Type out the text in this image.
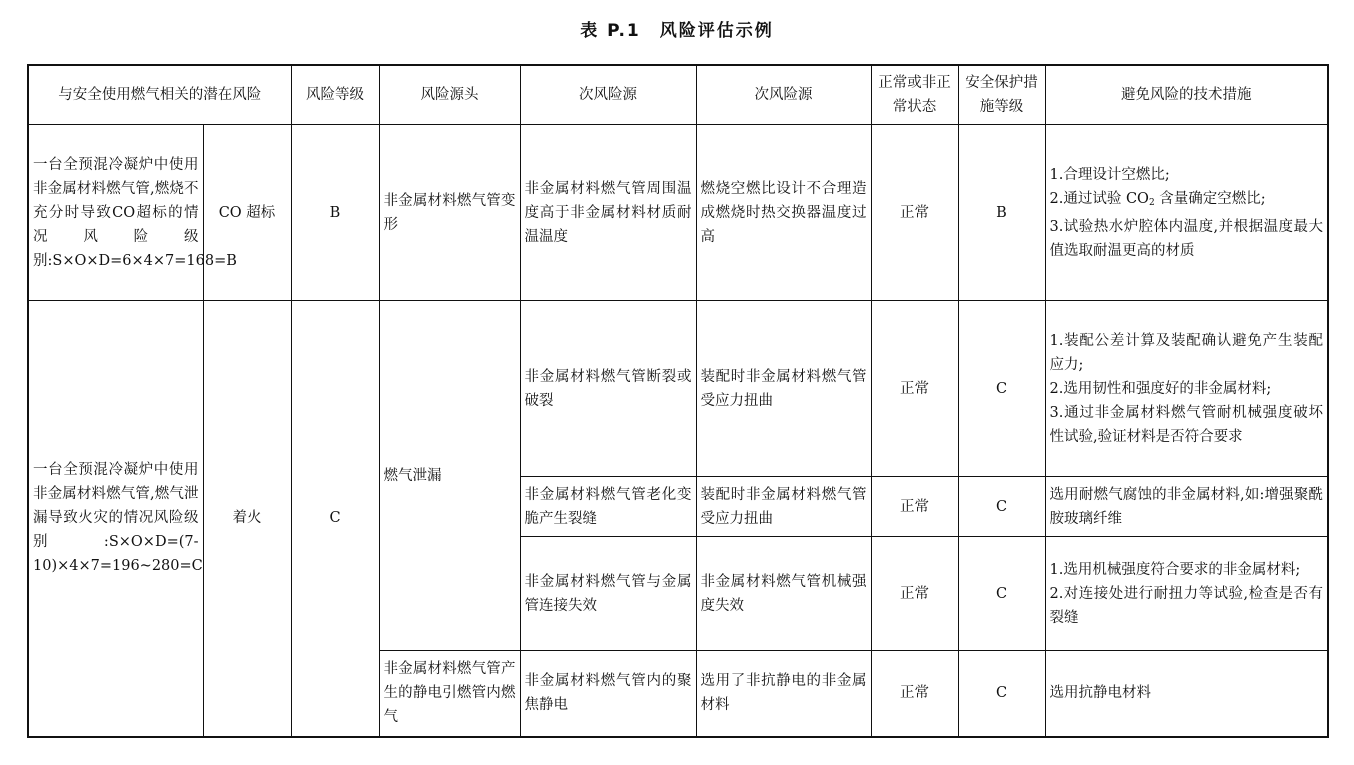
表 P.1　风险评估示例
与安全使用燃气相关的潜在风险		风险等级	风险源头	次风险源	次风险源	正常或非正常状态	安全保护措施等级	避免风险的技术措施
一台全预混冷凝炉中使用非金属材料燃气管,燃烧不充分时导致CO超标的情况风险级别:S×O×D=6×4×7=168=B	CO 超标	B	非金属材料燃气管变形	非金属材料燃气管周围温度高于非金属材料材质耐温温度	燃烧空燃比设计不合理造成燃烧时热交换器温度过高	正常	B	1.合理设计空燃比;
2.通过试验 $CO_2$ 含量确定空燃比;
3.试验热水炉腔体内温度,并根据温度最大值选取耐温更高的材质

一台全预混冷凝炉中使用非金属材料燃气管,燃气泄漏导致火灾的情况风险级别:S×O×D=(7-10)×4×7=196~280=C	着火	C	燃气泄漏	非金属材料燃气管断裂或破裂	装配时非金属材料燃气管受应力扭曲	正常	C	1.装配公差计算及装配确认避免产生装配应力;
2.选用韧性和强度好的非金属材料;
3.通过非金属材料燃气管耐机械强度破坏性试验,验证材料是否符合要求

				非金属材料燃气管老化变脆产生裂缝	装配时非金属材料燃气管受应力扭曲	正常	C	选用耐燃气腐蚀的非金属材料,如:增强聚酰胺玻璃纤维

				非金属材料燃气管与金属管连接失效	非金属材料燃气管机械强度失效	正常	C	1.选用机械强度符合要求的非金属材料;
2.对连接处进行耐扭力等试验,检查是否有裂缝

			非金属材料燃气管产生的静电引燃管内燃气	非金属材料燃气管内的聚焦静电	选用了非抗静电的非金属材料	正常	C	选用抗静电材料
